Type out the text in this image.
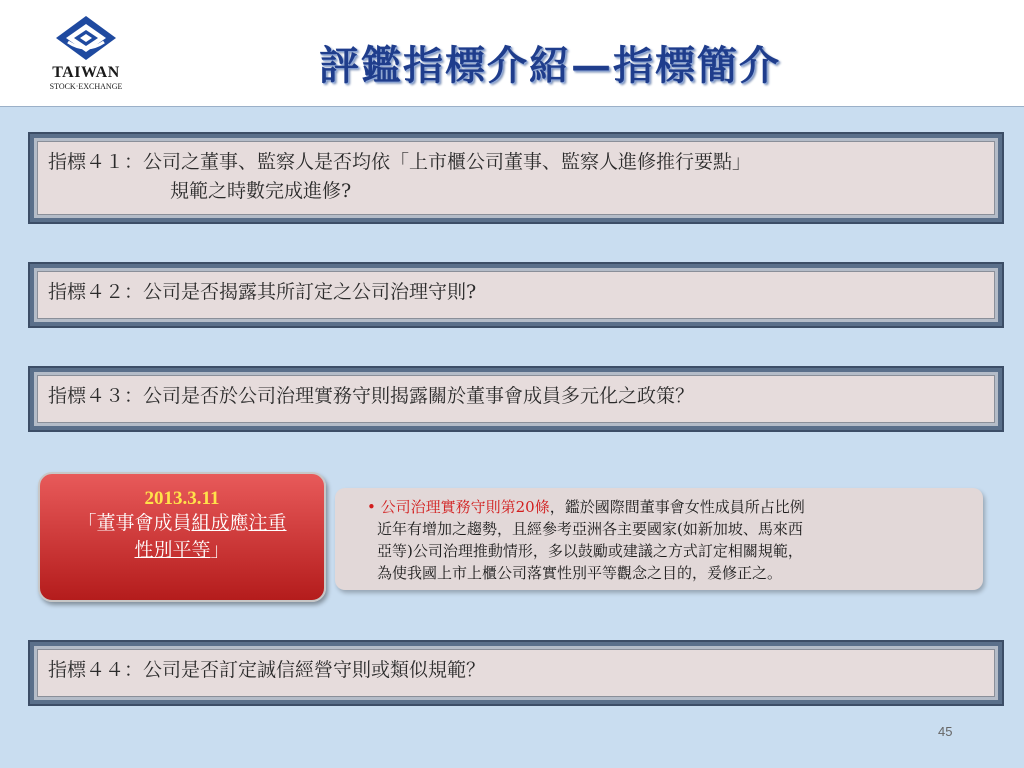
TAIWAN
STOCK·EXCHANGE	評鑑指標介紹—指標簡介
指標４１：公司之董事、監察人是否均依「上市櫃公司董事、監察人進修推行要點」
規範之時數完成進修?
指標４２：公司是否揭露其所訂定之公司治理守則?
指標４３：公司是否於公司治理實務守則揭露關於董事會成員多元化之政策？
2013.3.11
「董事會成員組成應注重
性別平等」
• 公司治理實務守則第20條，鑑於國際間董事會女性成員所占比例
近年有增加之趨勢，且經參考亞洲各主要國家(如新加坡、馬來西
亞等)公司治理推動情形，多以鼓勵或建議之方式訂定相關規範，
為使我國上市上櫃公司落實性別平等觀念之目的，爰修正之。
指標４４：公司是否訂定誠信經營守則或類似規範？
45
